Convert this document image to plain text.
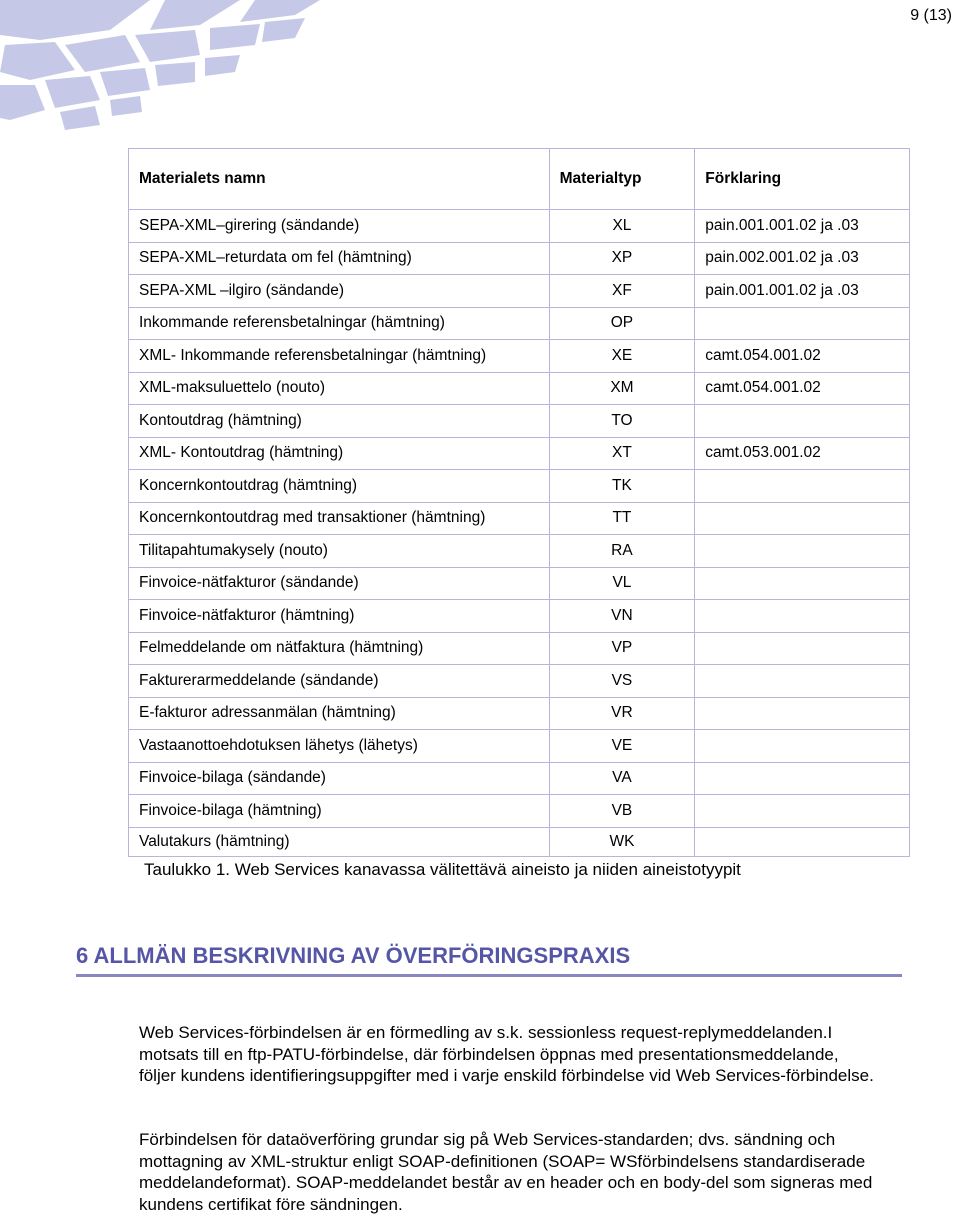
9 (13)
Materialets namn	Materialtyp	Förklaring
SEPA-XML–girering (sändande)	XL	pain.001.001.02 ja .03
SEPA-XML–returdata om fel (hämtning)	XP	pain.002.001.02 ja .03
SEPA-XML –ilgiro (sändande)	XF	pain.001.001.02 ja .03
Inkommande referensbetalningar (hämtning)	OP	
XML- Inkommande referensbetalningar (hämtning)	XE	camt.054.001.02
XML-maksuluettelo (nouto)	XM	camt.054.001.02
Kontoutdrag (hämtning)	TO	
XML- Kontoutdrag (hämtning)	XT	camt.053.001.02
Koncernkontoutdrag (hämtning)	TK	
Koncernkontoutdrag med transaktioner (hämtning)	TT	
Tilitapahtumakysely (nouto)	RA	
Finvoice-nätfakturor (sändande)	VL	
Finvoice-nätfakturor (hämtning)	VN	
Felmeddelande om nätfaktura (hämtning)	VP	
Fakturerarmeddelande (sändande)	VS	
E-fakturor adressanmälan (hämtning)	VR	
Vastaanottoehdotuksen lähetys (lähetys)	VE	
Finvoice-bilaga (sändande)	VA	
Finvoice-bilaga (hämtning)	VB	
Valutakurs (hämtning)	WK	
Taulukko 1. Web Services kanavassa välitettävä aineisto ja niiden aineistotyypit
6 ALLMÄN BESKRIVNING AV ÖVERFÖRINGSPRAXIS
Web Services-förbindelsen är en förmedling av s.k. sessionless request-replymeddelanden.I motsats till en ftp-PATU-förbindelse, där förbindelsen öppnas med presentationsmeddelande, följer kundens identifieringsuppgifter med i varje enskild förbindelse vid Web Services-förbindelse.
Förbindelsen för dataöverföring grundar sig på Web Services-standarden; dvs. sändning och mottagning av XML-struktur enligt SOAP-definitionen (SOAP= WSförbindelsens standardiserade meddelandeformat). SOAP-meddelandet består av en header och en body-del som signeras med kundens certifikat före sändningen.
